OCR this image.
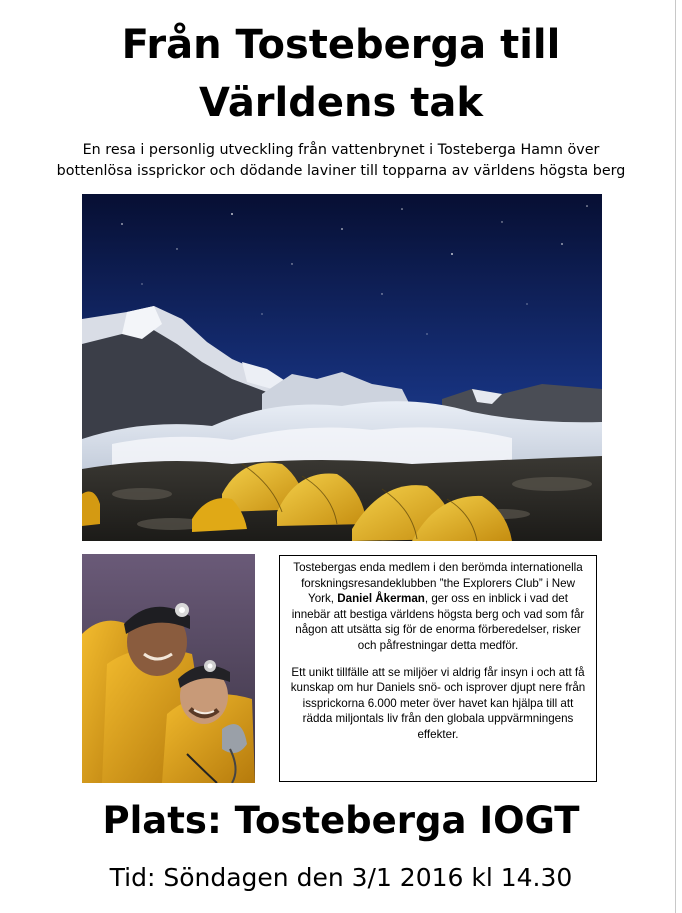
Från Tosteberga till
Världens tak

En resa i personlig utveckling från vattenbrynet i Tosteberga Hamn över
bottenlösa issprickor och dödande laviner till topparna av världens högsta berg

Tostebergas enda medlem i den berömda internationella forskningsresandeklubben ”the Explorers Club” i New York, Daniel Åkerman, ger oss en inblick i vad det innebär att bestiga världens högsta berg och vad som får någon att utsätta sig för de enorma förberedelser, risker och påfrestningar detta medför.

Ett unikt tillfälle att se miljöer vi aldrig får insyn i och att få kunskap om hur Daniels snö- och isprover djupt nere från issprickorna 6.000 meter över havet kan hjälpa till att rädda miljontals liv från den globala uppvärmningens effekter.

Plats: Tosteberga IOGT

Tid: Söndagen den 3/1 2016 kl 14.30
